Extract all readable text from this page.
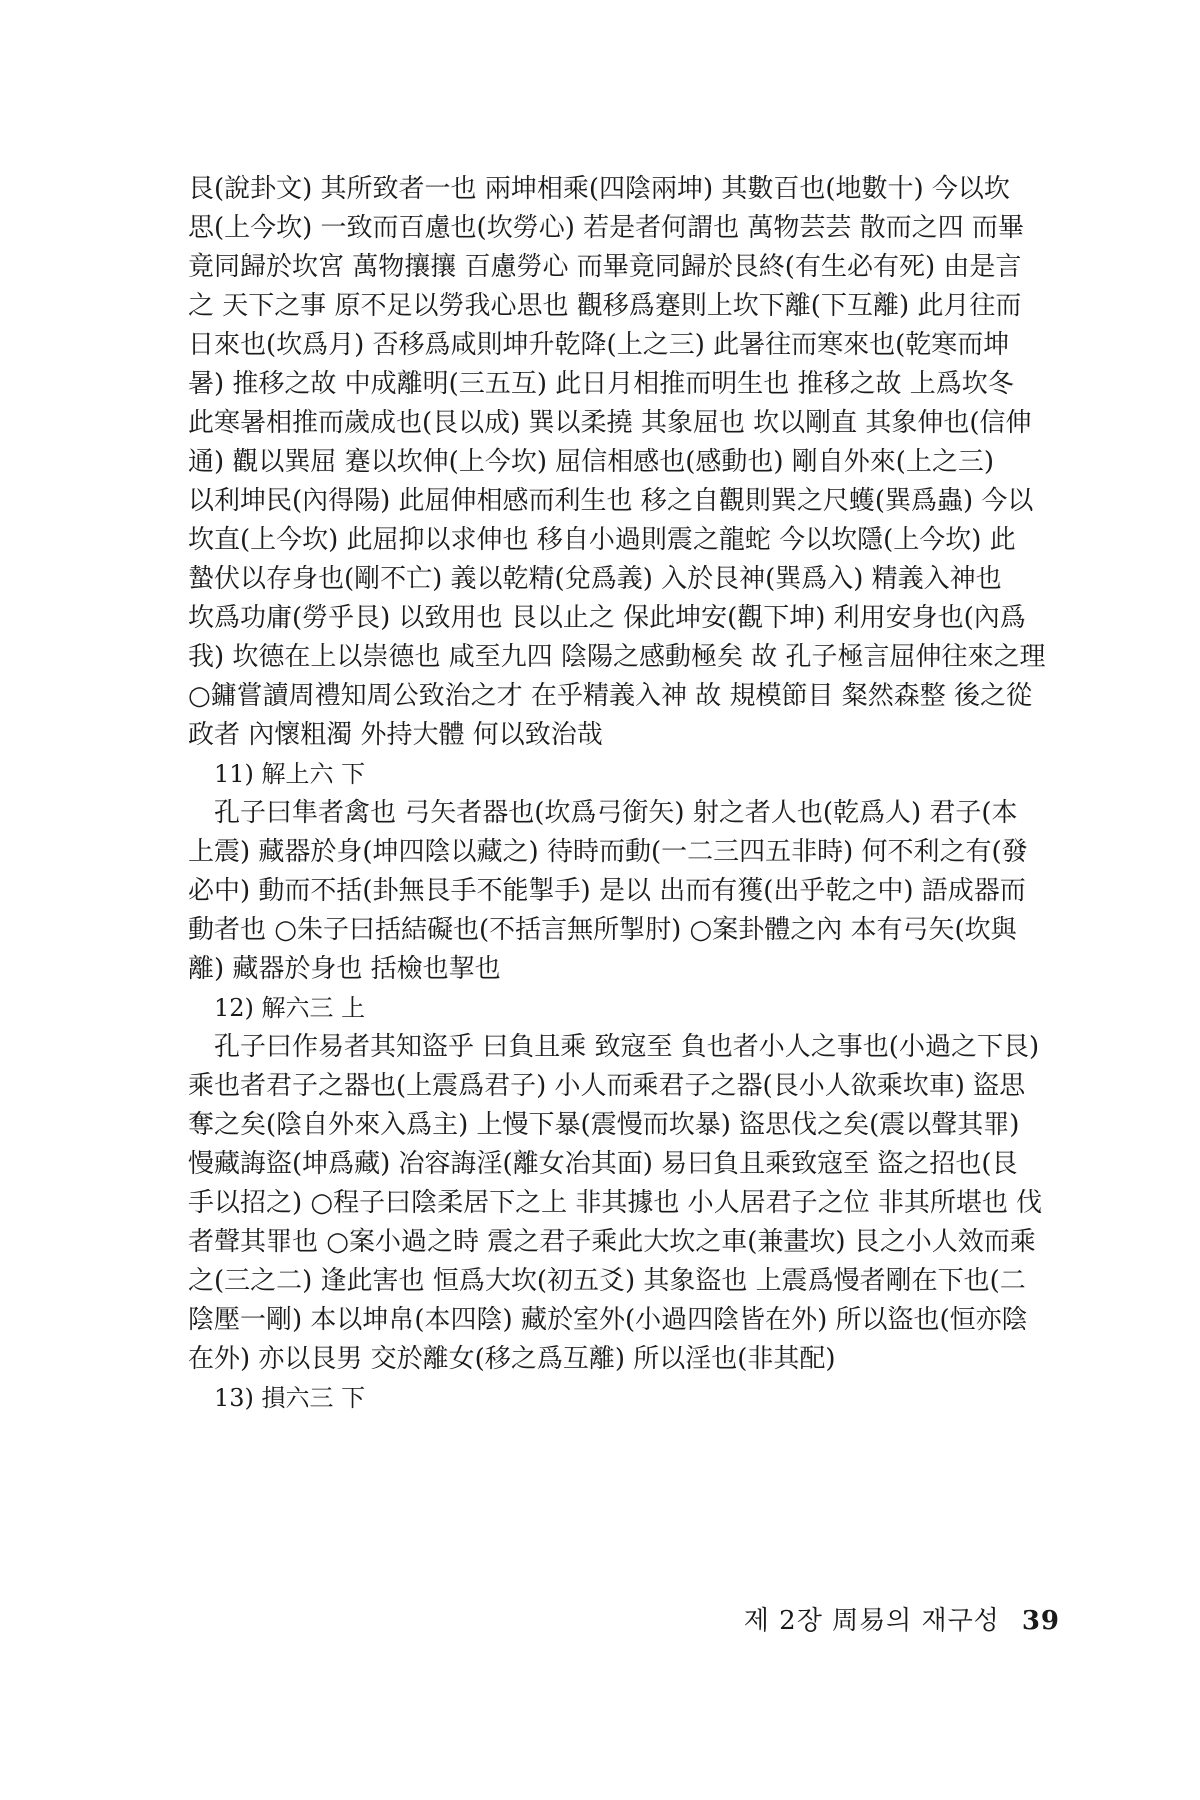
艮(說卦文) 其所致者一也 兩坤相乘(四陰兩坤) 其數百也(地數十) 今以坎
思(上今坎) 一致而百慮也(坎勞心) 若是者何謂也 萬物芸芸 散而之四 而畢
竟同歸於坎宮 萬物攘攘 百慮勞心 而畢竟同歸於艮終(有生必有死) 由是言
之 天下之事 原不足以勞我心思也 觀移爲蹇則上坎下離(下互離) 此月往而
日來也(坎爲月) 否移爲咸則坤升乾降(上之三) 此暑往而寒來也(乾寒而坤
暑) 推移之故 中成離明(三五互) 此日月相推而明生也 推移之故 上爲坎冬
此寒暑相推而歲成也(艮以成) 巽以柔撓 其象屈也 坎以剛直 其象伸也(信伸
通) 觀以巽屈 蹇以坎伸(上今坎) 屈信相感也(感動也) 剛自外來(上之三)
以利坤民(內得陽) 此屈伸相感而利生也 移之自觀則巽之尺蠖(巽爲蟲) 今以
坎直(上今坎) 此屈抑以求伸也 移自小過則震之龍蛇 今以坎隱(上今坎) 此
蟄伏以存身也(剛不亡) 義以乾精(兌爲義) 入於艮神(巽爲入) 精義入神也
坎爲功庸(勞乎艮) 以致用也 艮以止之 保此坤安(觀下坤) 利用安身也(內爲
我) 坎德在上以崇德也 咸至九四 陰陽之感動極矣 故 孔子極言屈伸往來之理
○鏞嘗讀周禮知周公致治之才 在乎精義入神 故 規模節目 粲然森整 後之從
政者 內懷粗濁 外持大體 何以致治哉
11) 解上六 下
孔子曰隼者禽也 弓矢者器也(坎爲弓銜矢) 射之者人也(乾爲人) 君子(本
上震) 藏器於身(坤四陰以藏之) 待時而動(一二三四五非時) 何不利之有(發
必中) 動而不括(卦無艮手不能掣手) 是以 出而有獲(出乎乾之中) 語成器而
動者也 ○朱子曰括結礙也(不括言無所掣肘) ○案卦體之內 本有弓矢(坎與
離) 藏器於身也 括檢也挈也
12) 解六三 上
孔子曰作易者其知盜乎 曰負且乘 致寇至 負也者小人之事也(小過之下艮)
乘也者君子之器也(上震爲君子) 小人而乘君子之器(艮小人欲乘坎車) 盜思
奪之矣(陰自外來入爲主) 上慢下暴(震慢而坎暴) 盜思伐之矣(震以聲其罪)
慢藏誨盜(坤爲藏) 冶容誨淫(離女冶其面) 易曰負且乘致寇至 盜之招也(艮
手以招之) ○程子曰陰柔居下之上 非其據也 小人居君子之位 非其所堪也 伐
者聲其罪也 ○案小過之時 震之君子乘此大坎之車(兼畫坎) 艮之小人效而乘
之(三之二) 逢此害也 恒爲大坎(初五爻) 其象盜也 上震爲慢者剛在下也(二
陰壓一剛) 本以坤帛(本四陰) 藏於室外(小過四陰皆在外) 所以盜也(恒亦陰
在外) 亦以艮男 交於離女(移之爲互離) 所以淫也(非其配)
13) 損六三 下
제 2장 周易의 재구성 39
